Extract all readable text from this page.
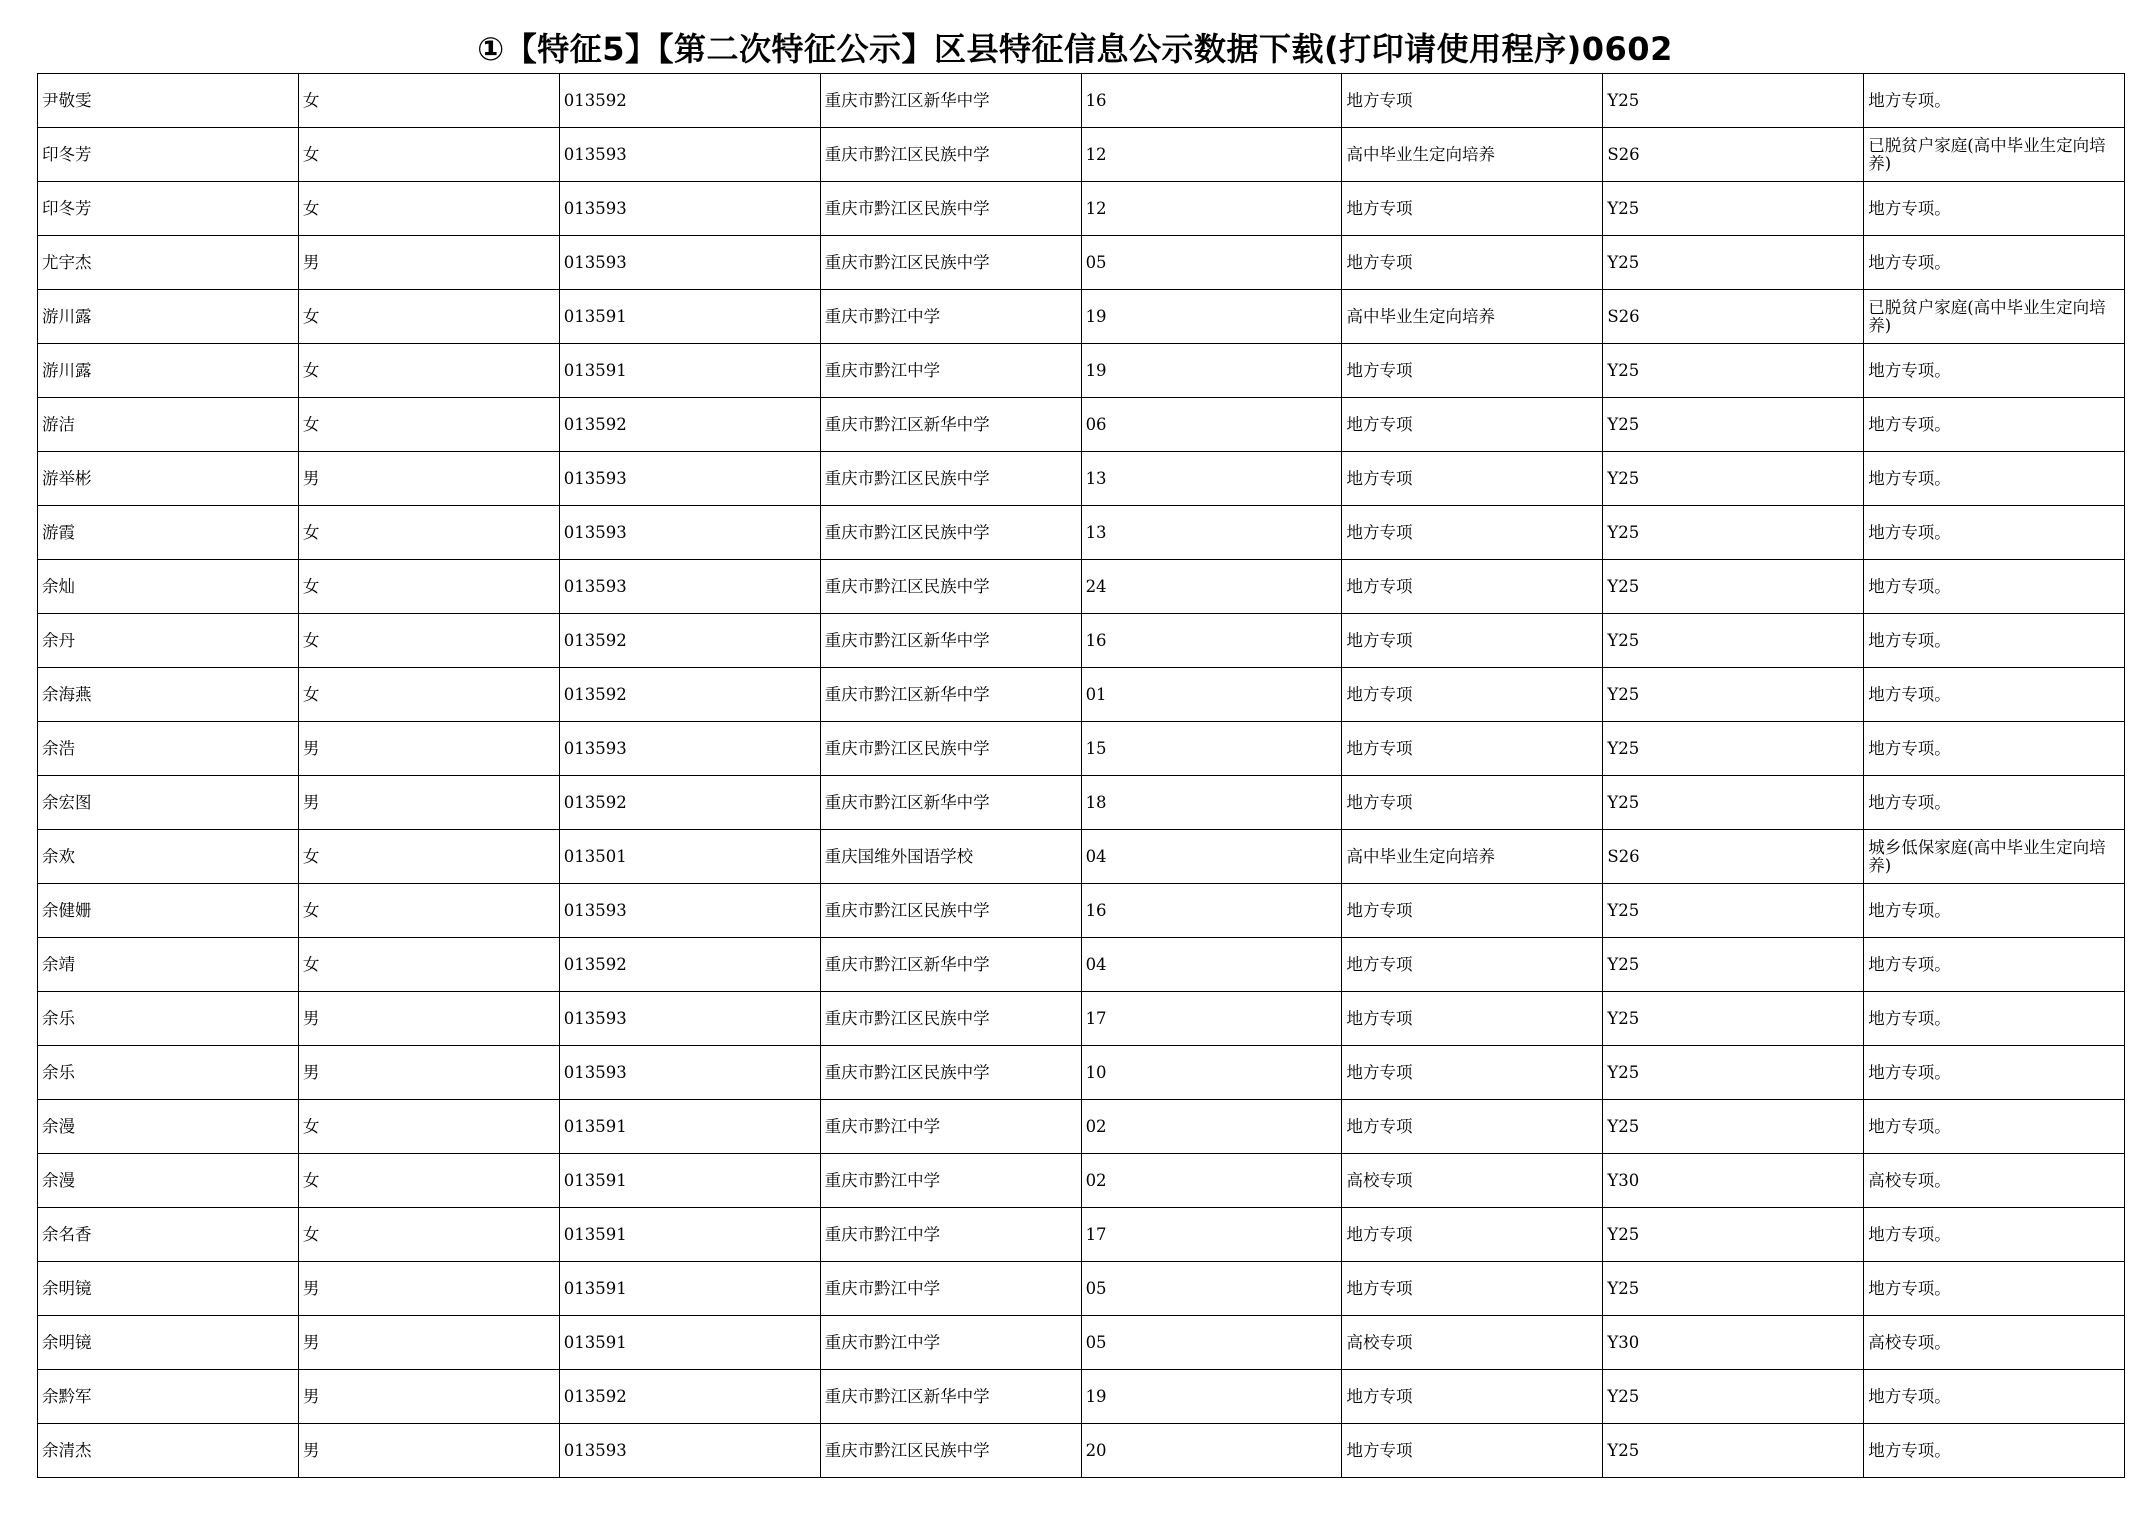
①【特征5】【第二次特征公示】区县特征信息公示数据下载(打印请使用程序)0602
尹敬雯	女	013592	重庆市黔江区新华中学	16	地方专项	Y25	地方专项。
印冬芳	女	013593	重庆市黔江区民族中学	12	高中毕业生定向培养	S26	已脱贫户家庭(高中毕业生定向培养)
印冬芳	女	013593	重庆市黔江区民族中学	12	地方专项	Y25	地方专项。
尤宇杰	男	013593	重庆市黔江区民族中学	05	地方专项	Y25	地方专项。
游川露	女	013591	重庆市黔江中学	19	高中毕业生定向培养	S26	已脱贫户家庭(高中毕业生定向培养)
游川露	女	013591	重庆市黔江中学	19	地方专项	Y25	地方专项。
游洁	女	013592	重庆市黔江区新华中学	06	地方专项	Y25	地方专项。
游举彬	男	013593	重庆市黔江区民族中学	13	地方专项	Y25	地方专项。
游霞	女	013593	重庆市黔江区民族中学	13	地方专项	Y25	地方专项。
余灿	女	013593	重庆市黔江区民族中学	24	地方专项	Y25	地方专项。
余丹	女	013592	重庆市黔江区新华中学	16	地方专项	Y25	地方专项。
余海燕	女	013592	重庆市黔江区新华中学	01	地方专项	Y25	地方专项。
余浩	男	013593	重庆市黔江区民族中学	15	地方专项	Y25	地方专项。
余宏图	男	013592	重庆市黔江区新华中学	18	地方专项	Y25	地方专项。
余欢	女	013501	重庆国维外国语学校	04	高中毕业生定向培养	S26	城乡低保家庭(高中毕业生定向培养)
余健姗	女	013593	重庆市黔江区民族中学	16	地方专项	Y25	地方专项。
余靖	女	013592	重庆市黔江区新华中学	04	地方专项	Y25	地方专项。
余乐	男	013593	重庆市黔江区民族中学	17	地方专项	Y25	地方专项。
余乐	男	013593	重庆市黔江区民族中学	10	地方专项	Y25	地方专项。
余漫	女	013591	重庆市黔江中学	02	地方专项	Y25	地方专项。
余漫	女	013591	重庆市黔江中学	02	高校专项	Y30	高校专项。
余名香	女	013591	重庆市黔江中学	17	地方专项	Y25	地方专项。
余明镜	男	013591	重庆市黔江中学	05	地方专项	Y25	地方专项。
余明镜	男	013591	重庆市黔江中学	05	高校专项	Y30	高校专项。
余黔军	男	013592	重庆市黔江区新华中学	19	地方专项	Y25	地方专项。
余清杰	男	013593	重庆市黔江区民族中学	20	地方专项	Y25	地方专项。
